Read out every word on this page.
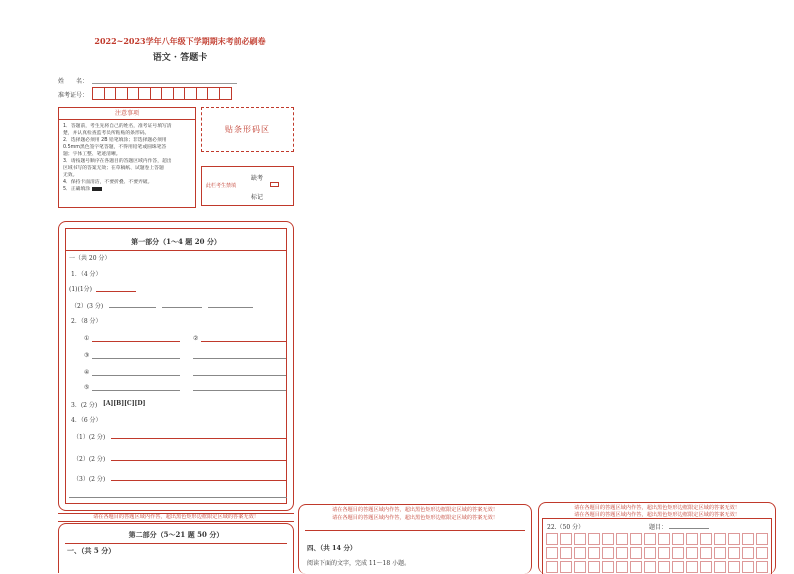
2022~2023学年八年级下学期期末考前必刷卷
语文 · 答题卡
姓　　名：
准考证号：
注意事项
1．答题前，考生先将自己的姓名，准考证号填写清
楚，并认真检查监考员所粘贴的条形码。
2．选择题必须用 2B 铅笔填涂；非选择题必须用
0.5mm黑色签字笔答题，不得用铅笔或圆珠笔答
题；字体工整、笔迹清晰。
3．请按题号顺序在各题目的答题区域内作答，超出
区域书写的答案无效；在草稿纸、试题卷上答题
无效。
4．保持卡面清洁，不要折叠、不要弄破。
5．正确填涂
贴条形码区
此栏考生禁填
缺考
标记
第一部分（1～4 题 20 分）
一（共 20 分）
1．（4 分）
(1)(1分)
（2）(3 分)
2．（8 分）
①	②
③
④
⑤
3．(2 分) [A][B][C][D]
4．（6 分）
（1）(2 分)
（2）(2 分)
（3）(2 分)
请在各题目的答题区域内作答，超出黑色矩形边框限定区域的答案无效！
第二部分（5～21 题 50 分）
一、（共 5 分）
请在各题目的答题区域内作答，超出黑色矩形边框限定区域的答案无效！
请在各题目的答题区域内作答，超出黑色矩形边框限定区域的答案无效！
四、（共 14 分）
阅读下面的文字，完成 11～18 小题。
请在各题目的答题区域内作答，超出黑色矩形边框限定区域的答案无效！
请在各题目的答题区域内作答，超出黑色矩形边框限定区域的答案无效！
22.（50 分）	题目：
